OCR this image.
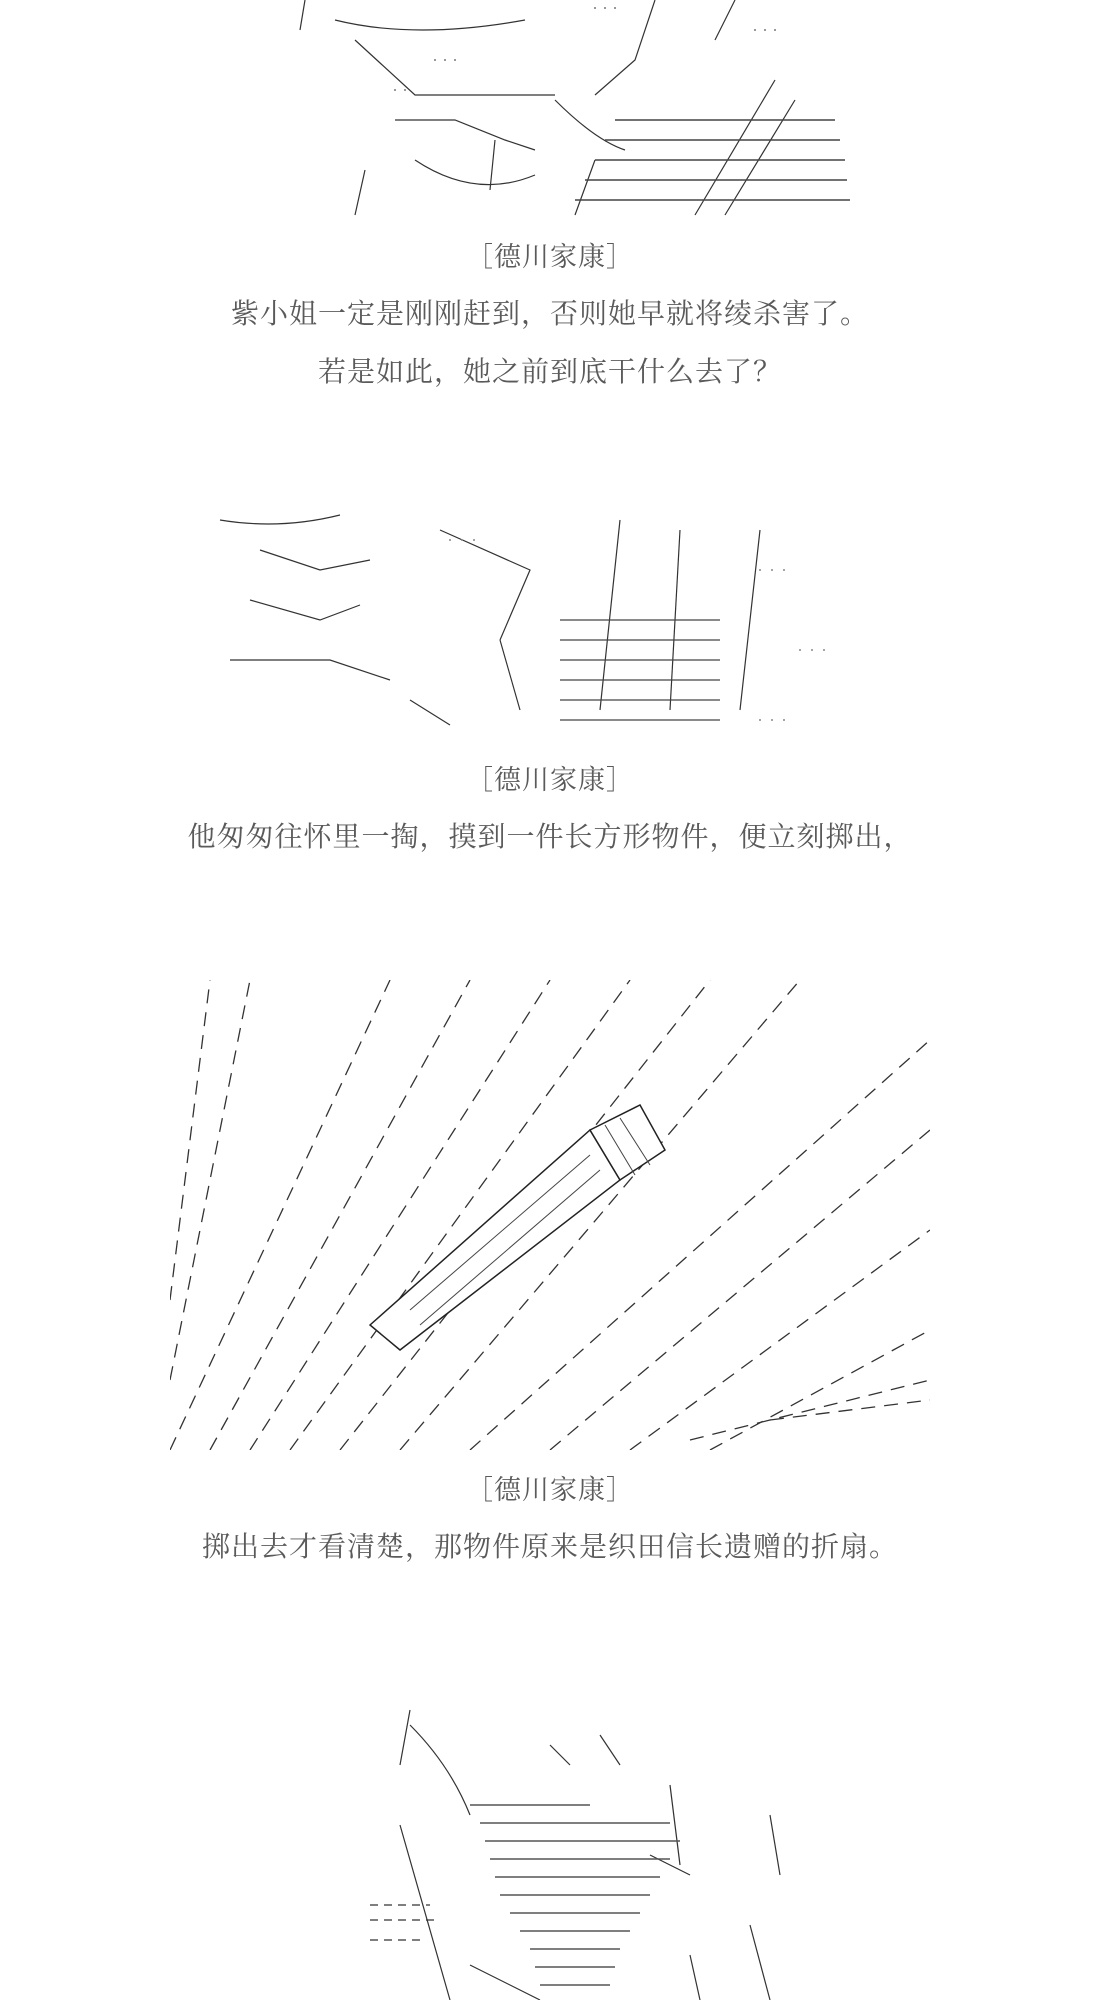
［德川家康］
紫小姐一定是刚刚赶到，否则她早就将绫杀害了。
若是如此，她之前到底干什么去了？
［德川家康］
他匆匆往怀里一掏，摸到一件长方形物件，便立刻掷出，
［德川家康］
掷出去才看清楚，那物件原来是织田信长遗赠的折扇。
